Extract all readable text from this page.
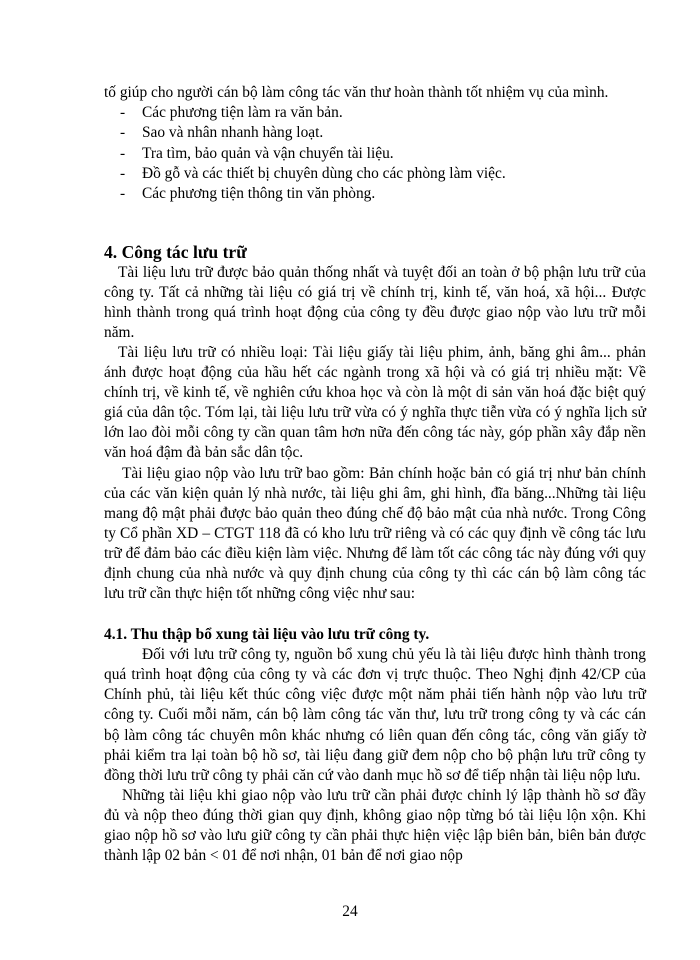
tố giúp cho người cán bộ làm công tác văn thư hoàn thành tốt nhiệm vụ của mình.

- Các phương tiện làm ra văn bản.
- Sao và nhân nhanh hàng loạt.
- Tra tìm, bảo quản và vận chuyển tài liệu.
- Đồ gỗ và các thiết bị chuyên dùng cho các phòng làm việc.
- Các phương tiện thông tin văn phòng.
4. Công tác lưu trữ

Tài liệu lưu trữ được bảo quản thống nhất và tuyệt đối an toàn ở bộ phận lưu trữ của công ty. Tất cả những tài liệu có giá trị về chính trị, kinh tế, văn hoá, xã hội... Được hình thành trong quá trình hoạt động của công ty đều được giao nộp vào lưu trữ mỗi năm.

Tài liệu lưu trữ có nhiều loại: Tài liệu giấy tài liệu phim, ảnh, băng ghi âm... phản ánh được hoạt động của hầu hết các ngành trong xã hội và có giá trị nhiều mặt: Về chính trị, về kinh tế, về nghiên cứu khoa học và còn là một di sản văn hoá đặc biệt quý giá của dân tộc. Tóm lại, tài liệu lưu trữ vừa có ý nghĩa thực tiễn vừa có ý nghĩa lịch sử lớn lao đòi mỗi công ty cần quan tâm hơn nữa đến công tác này, góp phần xây đắp nền văn hoá đậm đà bản sắc dân tộc.

Tài liệu giao nộp vào lưu trữ bao gồm: Bản chính hoặc bản có giá trị như bản chính của các văn kiện quản lý nhà nước, tài liệu ghi âm, ghi hình, đĩa băng...Những tài liệu mang độ mật phải được bảo quản theo đúng chế độ bảo mật của nhà nước. Trong Công ty Cổ phần XD – CTGT 118 đã có kho lưu trữ riêng và có các quy định về công tác lưu trữ để đảm bảo các điều kiện làm việc. Nhưng để làm tốt các công tác này đúng với quy định chung của nhà nước và quy định chung của công ty thì các cán bộ làm công tác lưu trữ cần thực hiện tốt những công việc như sau:

4.1. Thu thập bổ xung tài liệu vào lưu trữ công ty.

Đối với lưu trữ công ty, nguồn bổ xung chủ yếu là tài liệu được hình thành trong quá trình hoạt động của công ty và các đơn vị trực thuộc. Theo Nghị định 42/CP của Chính phủ, tài liệu kết thúc công việc được một năm phải tiến hành nộp vào lưu trữ công ty. Cuối mỗi năm, cán bộ làm công tác văn thư, lưu trữ trong công ty và các cán bộ làm công tác chuyên môn khác nhưng có liên quan đến công tác, công văn giấy tờ phải kiểm tra lại toàn bộ hồ sơ, tài liệu đang giữ đem nộp cho bộ phận lưu trữ công ty đồng thời lưu trữ công ty phải căn cứ vào danh mục hồ sơ để tiếp nhận tài liệu nộp lưu.

Những tài liệu khi giao nộp vào lưu trữ cần phải được chỉnh lý lập thành hồ sơ đầy đủ và nộp theo đúng thời gian quy định, không giao nộp từng bó tài liệu lộn xộn. Khi giao nộp hồ sơ vào lưu giữ công ty cần phải thực hiện việc lập biên bản, biên bản được thành lập 02 bản < 01 để nơi nhận, 01 bản để nơi giao nộp

24
